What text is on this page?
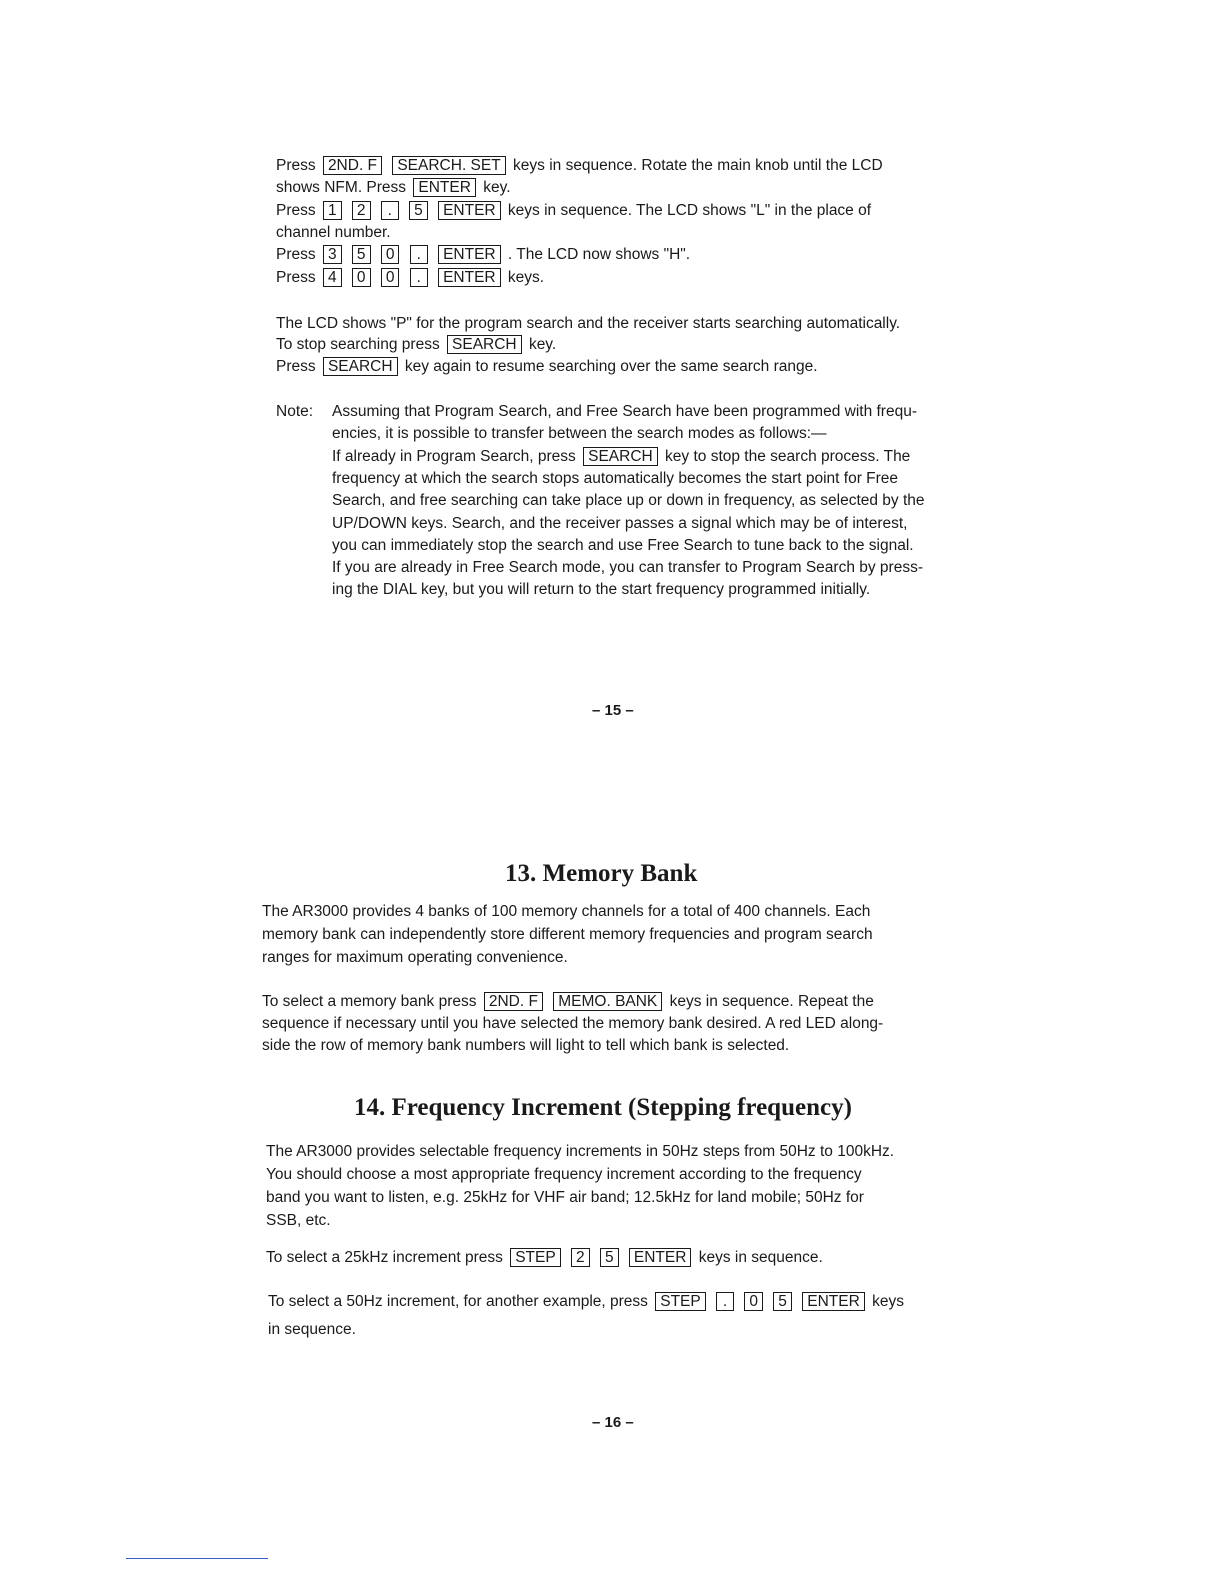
Press 2ND. F SEARCH. SET keys in sequence. Rotate the main knob until the LCD
shows NFM. Press ENTER key.
Press 1 2 . 5 ENTER keys in sequence. The LCD shows "L" in the place of
channel number.
Press 3 5 0 . ENTER . The LCD now shows "H".
Press 4 0 0 . ENTER keys.
The LCD shows "P" for the program search and the receiver starts searching automatically.
To stop searching press SEARCH key.
Press SEARCH key again to resume searching over the same search range.
Note: Assuming that Program Search, and Free Search have been programmed with frequ-
encies, it is possible to transfer between the search modes as follows:—
If already in Program Search, press SEARCH key to stop the search process. The
frequency at which the search stops automatically becomes the start point for Free
Search, and free searching can take place up or down in frequency, as selected by the
UP/DOWN keys. Search, and the receiver passes a signal which may be of interest,
you can immediately stop the search and use Free Search to tune back to the signal.
If you are already in Free Search mode, you can transfer to Program Search by press-
ing the DIAL key, but you will return to the start frequency programmed initially.
– 15 –
13. Memory Bank
The AR3000 provides 4 banks of 100 memory channels for a total of 400 channels. Each
memory bank can independently store different memory frequencies and program search
ranges for maximum operating convenience.
To select a memory bank press 2ND. F MEMO. BANK keys in sequence. Repeat the
sequence if necessary until you have selected the memory bank desired. A red LED along-
side the row of memory bank numbers will light to tell which bank is selected.
14. Frequency Increment (Stepping frequency)
The AR3000 provides selectable frequency increments in 50Hz steps from 50Hz to 100kHz.
You should choose a most appropriate frequency increment according to the frequency
band you want to listen, e.g. 25kHz for VHF air band; 12.5kHz for land mobile; 50Hz for
SSB, etc.
To select a 25kHz increment press STEP 2 5 ENTER keys in sequence.
To select a 50Hz increment, for another example, press STEP . 0 5 ENTER keys
in sequence.
– 16 –
